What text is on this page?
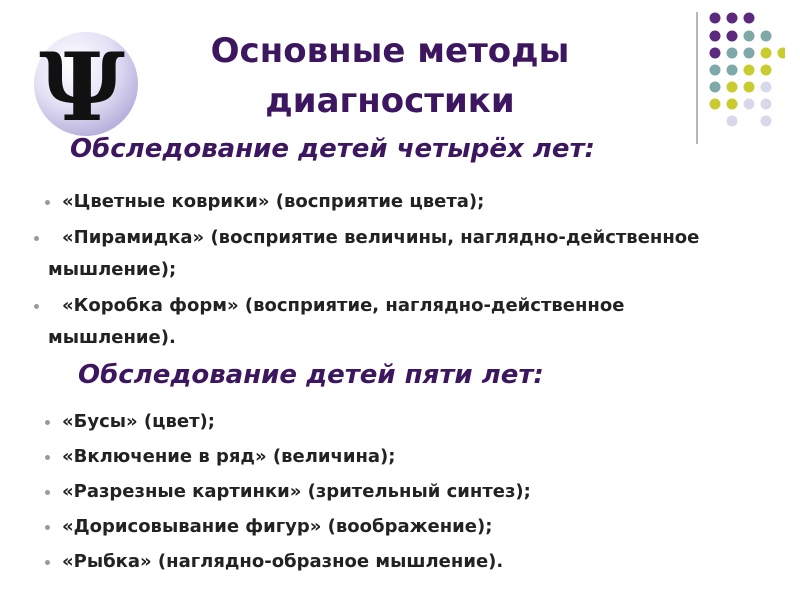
Ψ	Основные методы
диагностики
Обследование детей четырёх лет:
«Цветные коврики» (восприятие цвета);
«Пирамидка» (восприятие величины, наглядно-действенное мышление);
«Коробка форм» (восприятие, наглядно-действенное мышление).
Обследование детей пяти лет:
«Бусы» (цвет);
«Включение в ряд» (величина);
«Разрезные картинки» (зрительный синтез);
«Дорисовывание фигур» (воображение);
«Рыбка» (наглядно-образное мышление).
